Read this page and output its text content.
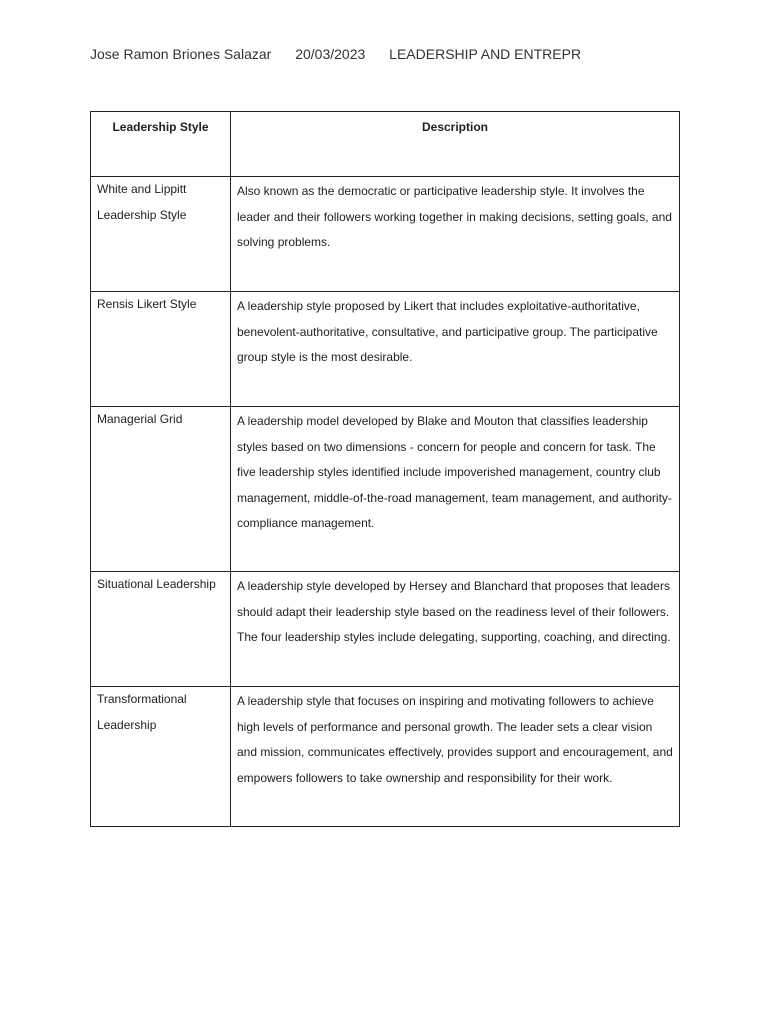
Jose Ramon Briones Salazar 20/03/2023 LEADERSHIP AND ENTREPR
Leadership Style	Description

White and Lippitt Leadership Style	Also known as the democratic or participative leadership style. It involves the leader and their followers working together in making decisions, setting goals, and solving problems.

Rensis Likert Style	A leadership style proposed by Likert that includes exploitative-authoritative, benevolent-authoritative, consultative, and participative group. The participative group style is the most desirable.

Managerial Grid	A leadership model developed by Blake and Mouton that classifies leadership styles based on two dimensions - concern for people and concern for task. The five leadership styles identified include impoverished management, country club management, middle-of-the-road management, team management, and authority-compliance management.

Situational Leadership	A leadership style developed by Hersey and Blanchard that proposes that leaders should adapt their leadership style based on the readiness level of their followers. The four leadership styles include delegating, supporting, coaching, and directing.

Transformational Leadership	A leadership style that focuses on inspiring and motivating followers to achieve high levels of performance and personal growth. The leader sets a clear vision and mission, communicates effectively, provides support and encouragement, and empowers followers to take ownership and responsibility for their work.
